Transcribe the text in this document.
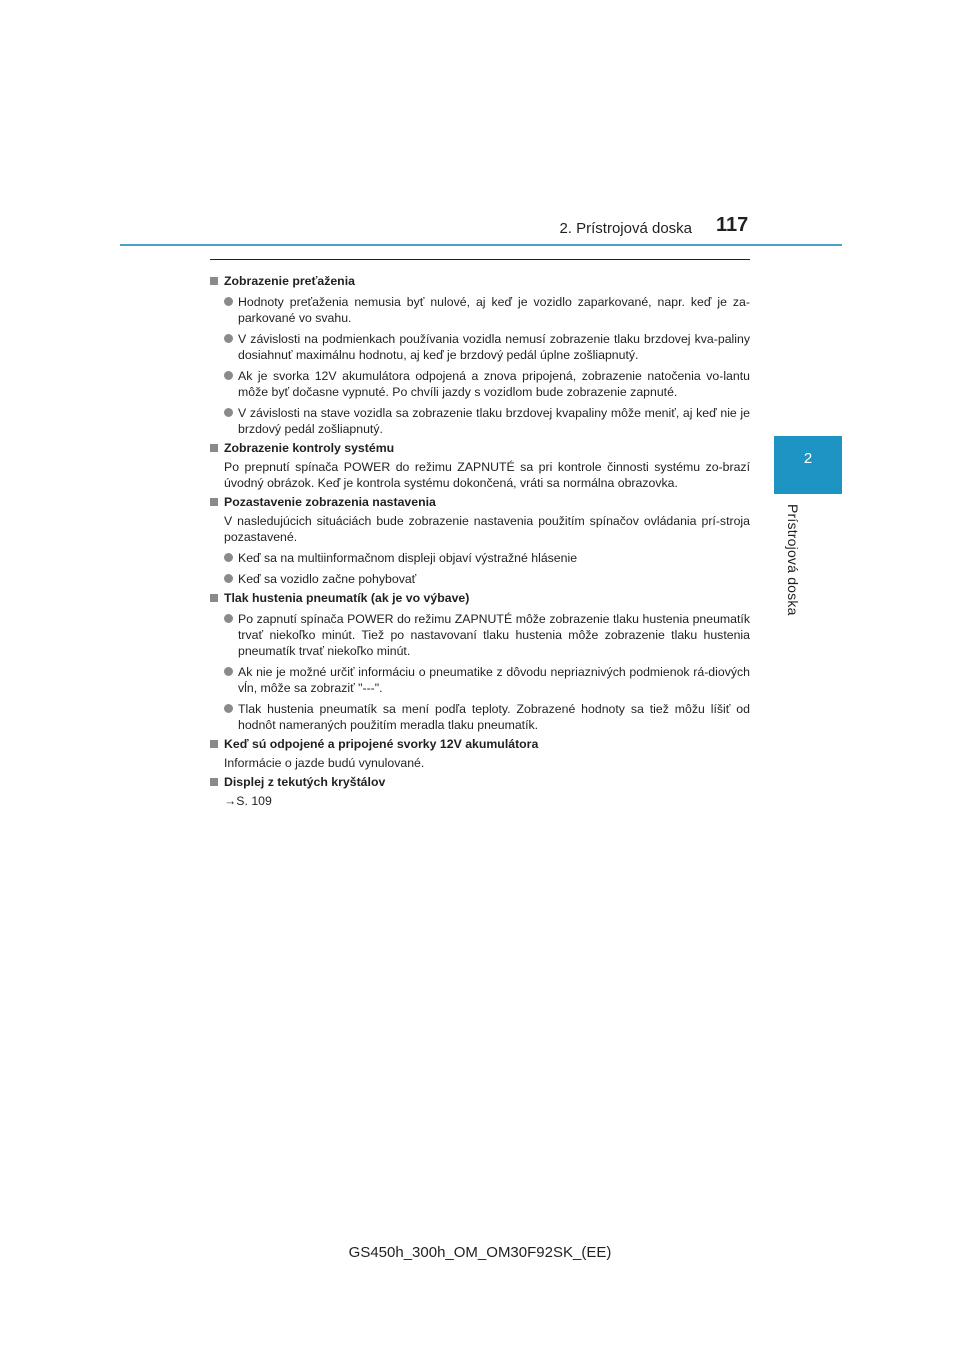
2. Prístrojová doska 117
2
Prístrojová doska
Zobrazenie preťaženia
Hodnoty preťaženia nemusia byť nulové, aj keď je vozidlo zaparkované, napr. keď je za-parkované vo svahu.
V závislosti na podmienkach používania vozidla nemusí zobrazenie tlaku brzdovej kva-paliny dosiahnuť maximálnu hodnotu, aj keď je brzdový pedál úplne zošliapnutý.
Ak je svorka 12V akumulátora odpojená a znova pripojená, zobrazenie natočenia vo-lantu môže byť dočasne vypnuté. Po chvíli jazdy s vozidlom bude zobrazenie zapnuté.
V závislosti na stave vozidla sa zobrazenie tlaku brzdovej kvapaliny môže meniť, aj keď nie je brzdový pedál zošliapnutý.
Zobrazenie kontroly systému
Po prepnutí spínača POWER do režimu ZAPNUTÉ sa pri kontrole činnosti systému zo-brazí úvodný obrázok. Keď je kontrola systému dokončená, vráti sa normálna obrazovka.
Pozastavenie zobrazenia nastavenia
V nasledujúcich situáciách bude zobrazenie nastavenia použitím spínačov ovládania prí-stroja pozastavené.
Keď sa na multiinformačnom displeji objaví výstražné hlásenie
Keď sa vozidlo začne pohybovať
Tlak hustenia pneumatík (ak je vo výbave)
Po zapnutí spínača POWER do režimu ZAPNUTÉ môže zobrazenie tlaku hustenia pneumatík trvať niekoľko minút. Tiež po nastavovaní tlaku hustenia môže zobrazenie tlaku hustenia pneumatík trvať niekoľko minút.
Ak nie je možné určiť informáciu o pneumatike z dôvodu nepriaznivých podmienok rá-diových vĺn, môže sa zobraziť "---".
Tlak hustenia pneumatík sa mení podľa teploty. Zobrazené hodnoty sa tiež môžu líšiť od hodnôt nameraných použitím meradla tlaku pneumatík.
Keď sú odpojené a pripojené svorky 12V akumulátora
Informácie o jazde budú vynulované.
Displej z tekutých kryštálov
→S. 109
GS450h_300h_OM_OM30F92SK_(EE)
